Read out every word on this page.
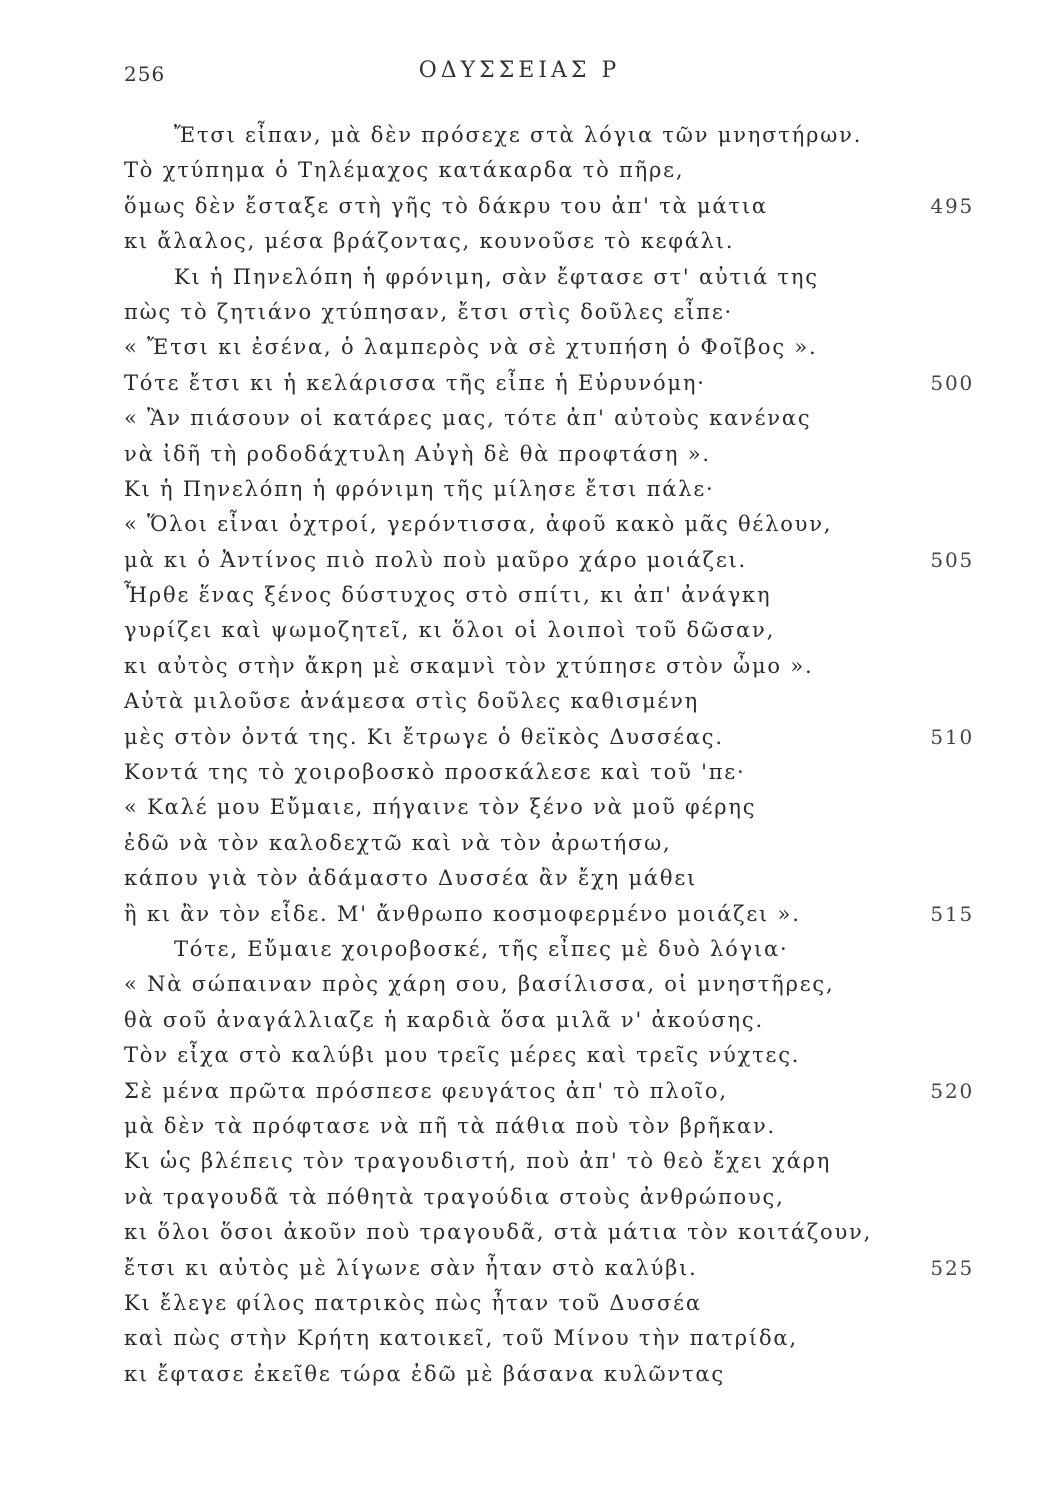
256	ΟΔΥΣΣΕΙΑΣ Ρ
Ἔτσι εἶπαν, μὰ δὲν πρόσεχε στὰ λόγια τῶν μνηστήρων.
Τὸ χτύπημα ὁ Τηλέμαχος κατάκαρδα τὸ πῆρε,
ὅμως δὲν ἔσταξε στὴ γῆς τὸ δάκρυ του ἀπ' τὰ μάτια	495
κι ἄλαλος, μέσα βράζοντας, κουνοῦσε τὸ κεφάλι.
Κι ἡ Πηνελόπη ἡ φρόνιμη, σὰν ἔφτασε στ' αὐτιά της
πὼς τὸ ζητιάνο χτύπησαν, ἔτσι στὶς δοῦλες εἶπε·
« Ἔτσι κι ἐσένα, ὁ λαμπερὸς νὰ σὲ χτυπήση ὁ Φοῖβος ».
Τότε ἔτσι κι ἡ κελάρισσα τῆς εἶπε ἡ Εὐρυνόμη·	500
« Ἂν πιάσουν οἱ κατάρες μας, τότε ἀπ' αὐτοὺς κανένας
νὰ ἰδῆ τὴ ροδοδάχτυλη Αὐγὴ δὲ θὰ προφτάση ».
Κι ἡ Πηνελόπη ἡ φρόνιμη τῆς μίλησε ἔτσι πάλε·
« Ὅλοι εἶναι ὀχτροί, γερόντισσα, ἀφοῦ κακὸ μᾶς θέλουν,
μὰ κι ὁ Ἀντίνος πιὸ πολὺ ποὺ μαῦρο χάρο μοιάζει.	505
Ἦρθε ἕνας ξένος δύστυχος στὸ σπίτι, κι ἀπ' ἀνάγκη
γυρίζει καὶ ψωμοζητεῖ, κι ὅλοι οἱ λοιποὶ τοῦ δῶσαν,
κι αὐτὸς στὴν ἄκρη μὲ σκαμνὶ τὸν χτύπησε στὸν ὦμο ».
Αὐτὰ μιλοῦσε ἀνάμεσα στὶς δοῦλες καθισμένη
μὲς στὸν ὀντά της. Κι ἔτρωγε ὁ θεϊκὸς Δυσσέας.	510
Κοντά της τὸ χοιροβοσκὸ προσκάλεσε καὶ τοῦ 'πε·
« Καλέ μου Εὔμαιε, πήγαινε τὸν ξένο νὰ μοῦ φέρης
ἐδῶ νὰ τὸν καλοδεχτῶ καὶ νὰ τὸν ἀρωτήσω,
κάπου γιὰ τὸν ἀδάμαστο Δυσσέα ἂν ἔχη μάθει
ἢ κι ἂν τὸν εἶδε. Μ' ἄνθρωπο κοσμοφερμένο μοιάζει ».	515
Τότε, Εὔμαιε χοιροβοσκέ, τῆς εἶπες μὲ δυὸ λόγια·
« Νὰ σώπαιναν πρὸς χάρη σου, βασίλισσα, οἱ μνηστῆρες,
θὰ σοῦ ἀναγάλλιαζε ἡ καρδιὰ ὅσα μιλᾶ ν' ἀκούσης.
Τὸν εἶχα στὸ καλύβι μου τρεῖς μέρες καὶ τρεῖς νύχτες.
Σὲ μένα πρῶτα πρόσπεσε φευγάτος ἀπ' τὸ πλοῖο,	520
μὰ δὲν τὰ πρόφτασε νὰ πῆ τὰ πάθια ποὺ τὸν βρῆκαν.
Κι ὡς βλέπεις τὸν τραγουδιστή, ποὺ ἀπ' τὸ θεὸ ἔχει χάρη
νὰ τραγουδᾶ τὰ πόθητὰ τραγούδια στοὺς ἀνθρώπους,
κι ὅλοι ὅσοι ἀκοῦν ποὺ τραγουδᾶ, στὰ μάτια τὸν κοιτάζουν,
ἔτσι κι αὐτὸς μὲ λίγωνε σὰν ἦταν στὸ καλύβι.	525
Κι ἔλεγε φίλος πατρικὸς πὼς ἦταν τοῦ Δυσσέα
καὶ πὼς στὴν Κρήτη κατοικεῖ, τοῦ Μίνου τὴν πατρίδα,
κι ἔφτασε ἐκεῖθε τώρα ἐδῶ μὲ βάσανα κυλῶντας
